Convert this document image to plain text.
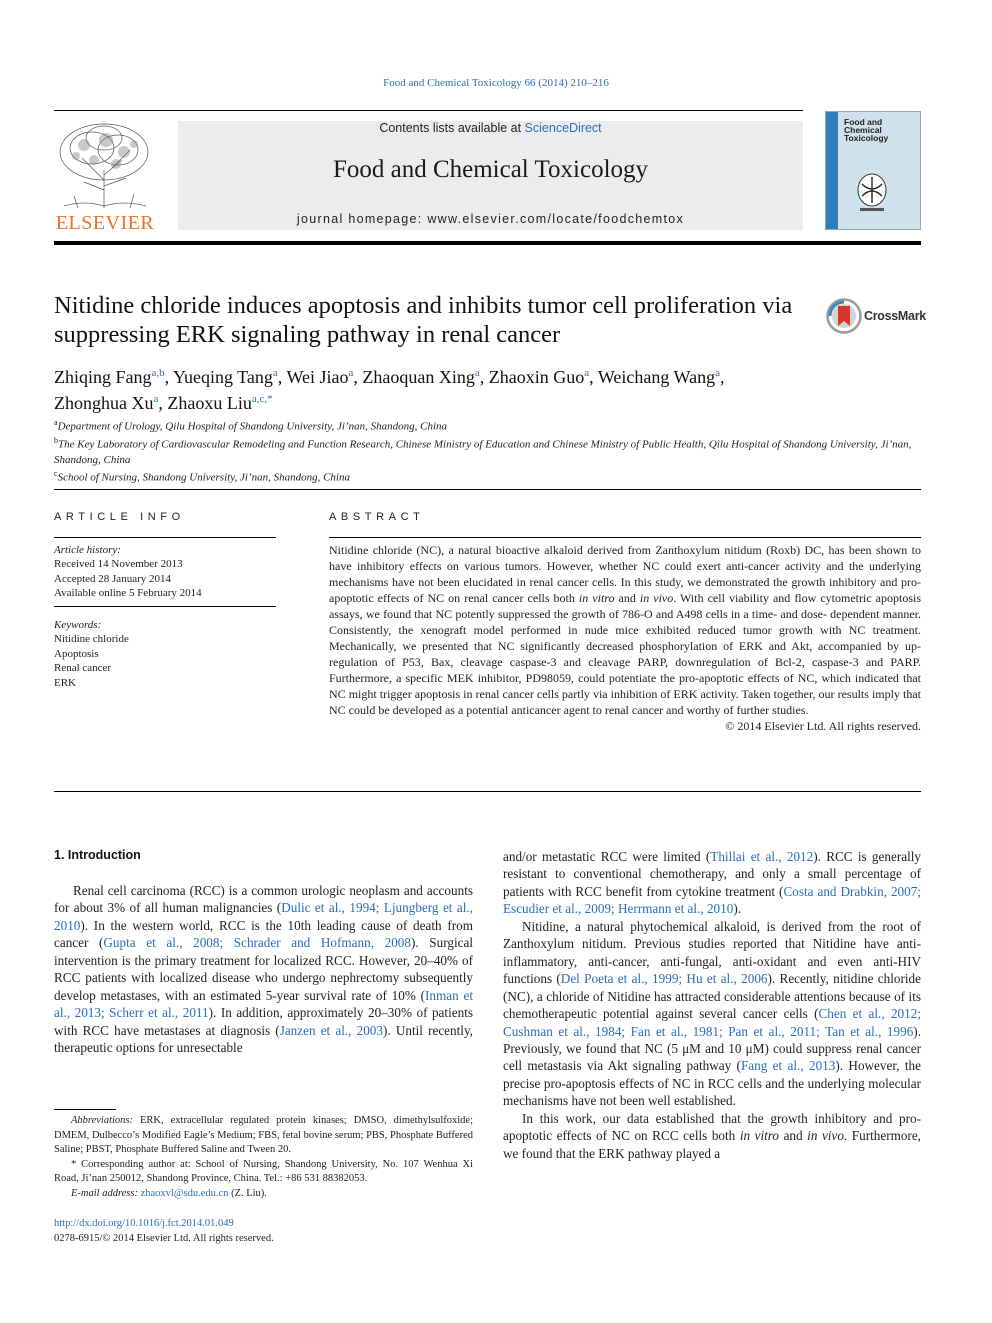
Food and Chemical Toxicology 66 (2014) 210–216
ELSEVIER
Contents lists available at ScienceDirect
Food and Chemical Toxicology
journal homepage: www.elsevier.com/locate/foodchemtox
Food and
Chemical
Toxicology
Nitidine chloride induces apoptosis and inhibits tumor cell proliferation via suppressing ERK signaling pathway in renal cancer
CrossMark
Zhiqing Fang$^{a,b}$, Yueqing Tang$^a$, Wei Jiao$^a$, Zhaoquan Xing$^a$, Zhaoxin Guo$^a$, Weichang Wang$^a$,
Zhonghua Xu$^a$, Zhaoxu Liu$^{a,c,*}$
$^a$Department of Urology, Qilu Hospital of Shandong University, Ji’nan, Shandong, China
$^b$The Key Laboratory of Cardiovascular Remodeling and Function Research, Chinese Ministry of Education and Chinese Ministry of Public Health, Qilu Hospital of Shandong University, Ji’nan, Shandong, China
$^c$School of Nursing, Shandong University, Ji’nan, Shandong, China
ARTICLE INFO
Article history:
Received 14 November 2013
Accepted 28 January 2014
Available online 5 February 2014
Keywords:
Nitidine chloride
Apoptosis
Renal cancer
ERK
ABSTRACT
Nitidine chloride (NC), a natural bioactive alkaloid derived from Zanthoxylum nitidum (Roxb) DC, has been shown to have inhibitory effects on various tumors. However, whether NC could exert anti-cancer activity and the underlying mechanisms have not been elucidated in renal cancer cells. In this study, we demonstrated the growth inhibitory and pro-apoptotic effects of NC on renal cancer cells both in vitro and in vivo. With cell viability and flow cytometric apoptosis assays, we found that NC potently suppressed the growth of 786-O and A498 cells in a time- and dose- dependent manner. Consistently, the xenograft model performed in nude mice exhibited reduced tumor growth with NC treatment. Mechanically, we presented that NC significantly decreased phosphorylation of ERK and Akt, accompanied by up-regulation of P53, Bax, cleavage caspase-3 and cleavage PARP, downregulation of Bcl-2, caspase-3 and PARP. Furthermore, a specific MEK inhibitor, PD98059, could potentiate the pro-apoptotic effects of NC, which indicated that NC might trigger apoptosis in renal cancer cells partly via inhibition of ERK activity. Taken together, our results imply that NC could be developed as a potential anticancer agent to renal cancer and worthy of further studies.
© 2014 Elsevier Ltd. All rights reserved.
1. Introduction

Renal cell carcinoma (RCC) is a common urologic neoplasm and accounts for about 3% of all human malignancies (Dulic et al., 1994; Ljungberg et al., 2010). In the western world, RCC is the 10th leading cause of death from cancer (Gupta et al., 2008; Schrader and Hofmann, 2008). Surgical intervention is the primary treatment for localized RCC. However, 20–40% of RCC patients with localized disease who undergo nephrectomy subsequently develop metastases, with an estimated 5-year survival rate of 10% (Inman et al., 2013; Scherr et al., 2011). In addition, approximately 20–30% of patients with RCC have metastases at diagnosis (Janzen et al., 2003). Until recently, therapeutic options for unresectable

and/or metastatic RCC were limited (Thillai et al., 2012). RCC is generally resistant to conventional chemotherapy, and only a small percentage of patients with RCC benefit from cytokine treatment (Costa and Drabkin, 2007; Escudier et al., 2009; Herrmann et al., 2010).

Nitidine, a natural phytochemical alkaloid, is derived from the root of Zanthoxylum nitidum. Previous studies reported that Nitidine have anti-inflammatory, anti-cancer, anti-fungal, anti-oxidant and even anti-HIV functions (Del Poeta et al., 1999; Hu et al., 2006). Recently, nitidine chloride (NC), a chloride of Nitidine has attracted considerable attentions because of its chemotherapeutic potential against several cancer cells (Chen et al., 2012; Cushman et al., 1984; Fan et al., 1981; Pan et al., 2011; Tan et al., 1996). Previously, we found that NC (5 μM and 10 μM) could suppress renal cancer cell metastasis via Akt signaling pathway (Fang et al., 2013). However, the precise pro-apoptosis effects of NC in RCC cells and the underlying molecular mechanisms have not been well established.

In this work, our data established that the growth inhibitory and pro-apoptotic effects of NC on RCC cells both in vitro and in vivo. Furthermore, we found that the ERK pathway played a

Abbreviations: ERK, extracellular regulated protein kinases; DMSO, dimethylsulfoxide; DMEM, Dulbecco’s Modified Eagle’s Medium; FBS, fetal bovine serum; PBS, Phosphate Buffered Saline; PBST, Phosphate Buffered Saline and Tween 20.

* Corresponding author at: School of Nursing, Shandong University, No. 107 Wenhua Xi Road, Ji’nan 250012, Shandong Province, China. Tel.: +86 531 88382053.

E-mail address: zhaoxvl@sdu.edu.cn (Z. Liu).

http://dx.doi.org/10.1016/j.fct.2014.01.049
0278-6915/© 2014 Elsevier Ltd. All rights reserved.
